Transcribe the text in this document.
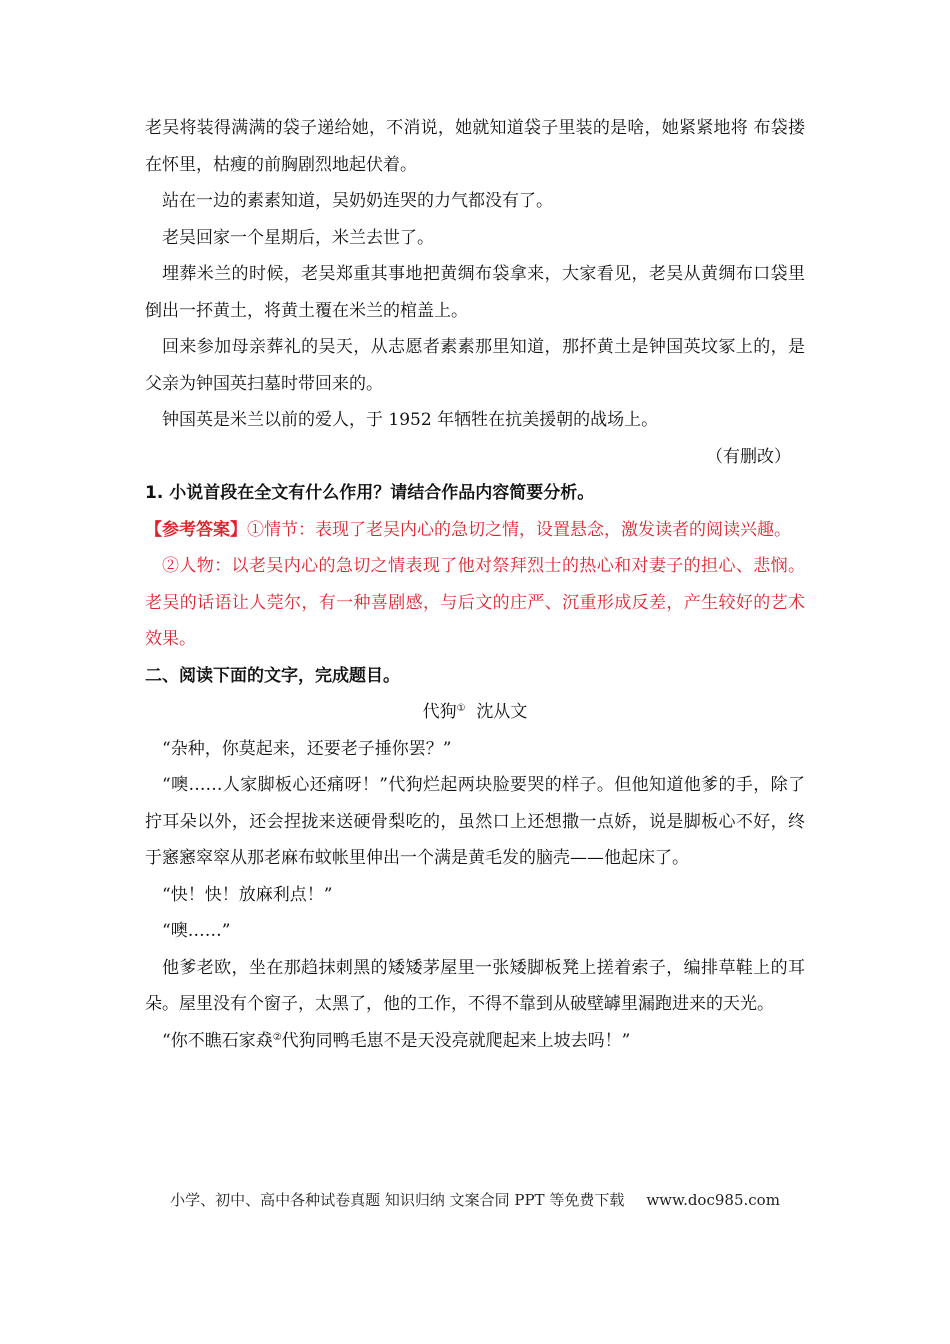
老吴将装得满满的袋子递给她，不消说，她就知道袋子里装的是啥，她紧紧地将 布袋搂在怀里，枯瘦的前胸剧烈地起伏着。

站在一边的素素知道，吴奶奶连哭的力气都没有了。

老吴回家一个星期后，米兰去世了。

埋葬米兰的时候，老吴郑重其事地把黄绸布袋拿来，大家看见，老吴从黄绸布口袋里倒出一抔黄土，将黄土覆在米兰的棺盖上。

回来参加母亲葬礼的吴天，从志愿者素素那里知道，那抔黄土是钟国英坟冢上的，是父亲为钟国英扫墓时带回来的。

钟国英是米兰以前的爱人，于 1952 年牺牲在抗美援朝的战场上。

（有删改）

1. 小说首段在全文有什么作用？请结合作品内容简要分析。

【参考答案】①情节：表现了老吴内心的急切之情，设置悬念，激发读者的阅读兴趣。

②人物：以老吴内心的急切之情表现了他对祭拜烈士的热心和对妻子的担心、悲悯。老吴的话语让人莞尔，有一种喜剧感，与后文的庄严、沉重形成反差，产生较好的艺术效果。

二、阅读下面的文字，完成题目。

代狗① 沈从文

“杂种，你莫起来，还要老子捶你罢？”

“噢……人家脚板心还痛呀！”代狗烂起两块脸要哭的样子。但他知道他爹的手，除了拧耳朵以外，还会捏拢来送硬骨梨吃的，虽然口上还想撒一点娇，说是脚板心不好，终于窸窸窣窣从那老麻布蚊帐里伸出一个满是黄毛发的脑壳——他起床了。

“快！快！放麻利点！”

“噢……”

他爹老欧，坐在那趋抹刺黑的矮矮茅屋里一张矮脚板凳上搓着索子，编排草鞋上的耳朵。屋里没有个窗子，太黑了，他的工作，不得不靠到从破壁罅里漏跑进来的天光。

“你不瞧石家猋②代狗同鸭毛崽不是天没亮就爬起来上坡去吗！”

小学、初中、高中各种试卷真题 知识归纳 文案合同 PPT 等免费下载 www.doc985.com
